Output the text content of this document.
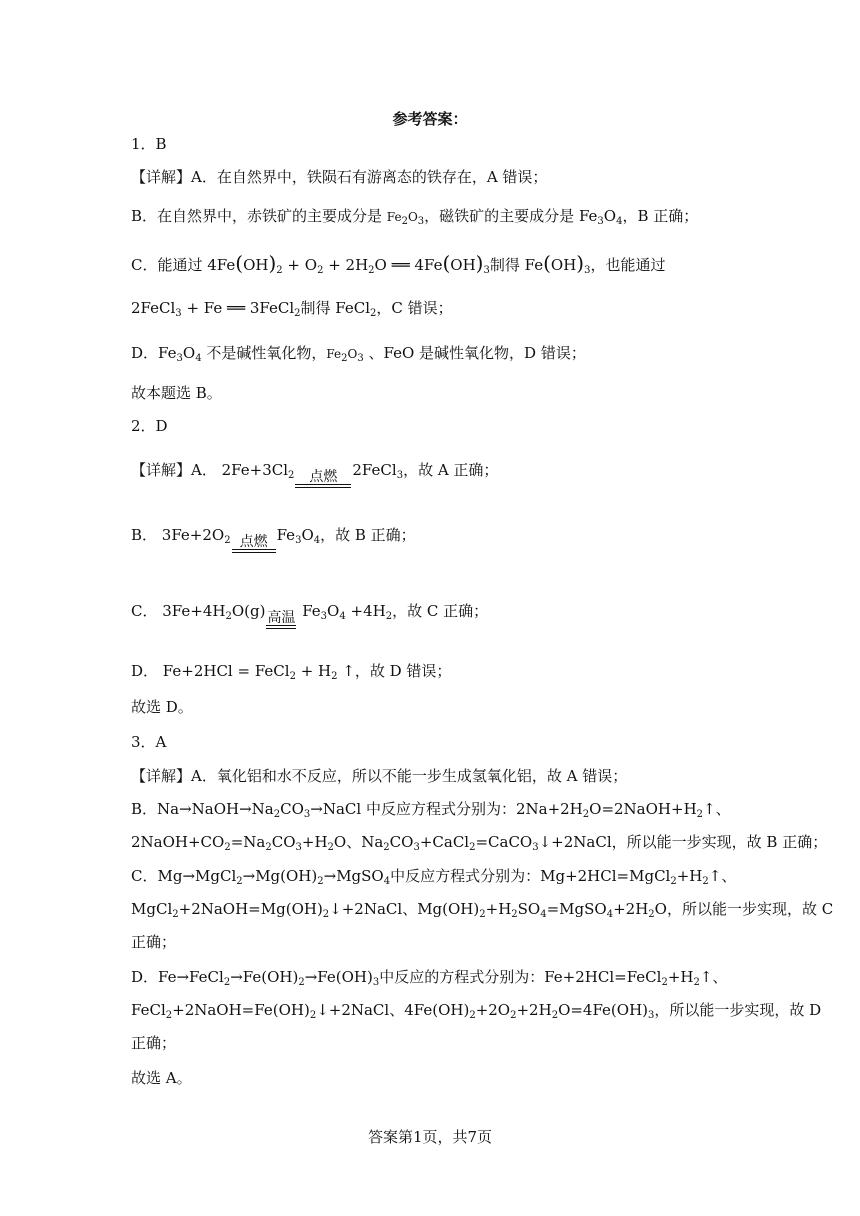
参考答案：
1．B
【详解】A．在自然界中，铁陨石有游离态的铁存在，A 错误；
B．在自然界中，赤铁矿的主要成分是 $Fe_2O_3$，磁铁矿的主要成分是 $Fe_3O_4$，B 正确；
C．能通过 $4Fe(OH)_2 + O_2 + 2H_2O$ ══ $4Fe(OH)_3$制得 $Fe(OH)_3$，也能通过
2FeCl$_3$ + Fe ══ 3FeCl$_2$制得 FeCl$_2$，C 错误；
D．$Fe_3O_4$ 不是碱性氧化物，$Fe_2O_3$ 、FeO 是碱性氧化物，D 错误；
故本题选 B。
2．D
【详解】A． $2Fe+3Cl_2$	点燃	2FeCl$_3$，故 A 正确；
B． $3Fe+2O_2$ 点燃 $Fe_3O_4$，故 B 正确；
C． $3Fe+4H_2O(g)$ 高温 $Fe_3O_4 +4H_2$，故 C 正确；
D． Fe+2HCl = FeCl$_2$ + $H_2$ ↑，故 D 错误；
故选 D。
3．A
【详解】A．氧化铝和水不反应，所以不能一步生成氢氧化铝，故 A 错误；
B．$Na\to NaOH\to Na_2CO_3\to NaCl$ 中反应方程式分别为：$2Na+2H_2O=2NaOH+H_2↑$、
$2NaOH+CO_2=Na_2CO_3+H_2O$、$Na_2CO_3+CaCl_2=CaCO_3↓+2NaCl$，所以能一步实现，故 B 正确；
C．$Mg\to MgCl_2\to Mg(OH)_2\to MgSO_4$中反应方程式分别为：$Mg+2HCl=MgCl_2+H_2↑$、
$MgCl_2+2NaOH=Mg(OH)_2↓+2NaCl$、$Mg(OH)_2+H_2SO_4=MgSO_4+2H_2O$，所以能一步实现，故 C
正确；
D．$Fe\to FeCl_2\to Fe(OH)_2\to Fe(OH)_3$中反应的方程式分别为：$Fe+2HCl=FeCl_2+H_2↑$、
$FeCl_2+2NaOH=Fe(OH)_2↓+2NaCl$、$4Fe(OH)_2+2O_2+2H_2O=4Fe(OH)_3$，所以能一步实现，故 D
正确；
故选 A。
答案第1页，共7页
